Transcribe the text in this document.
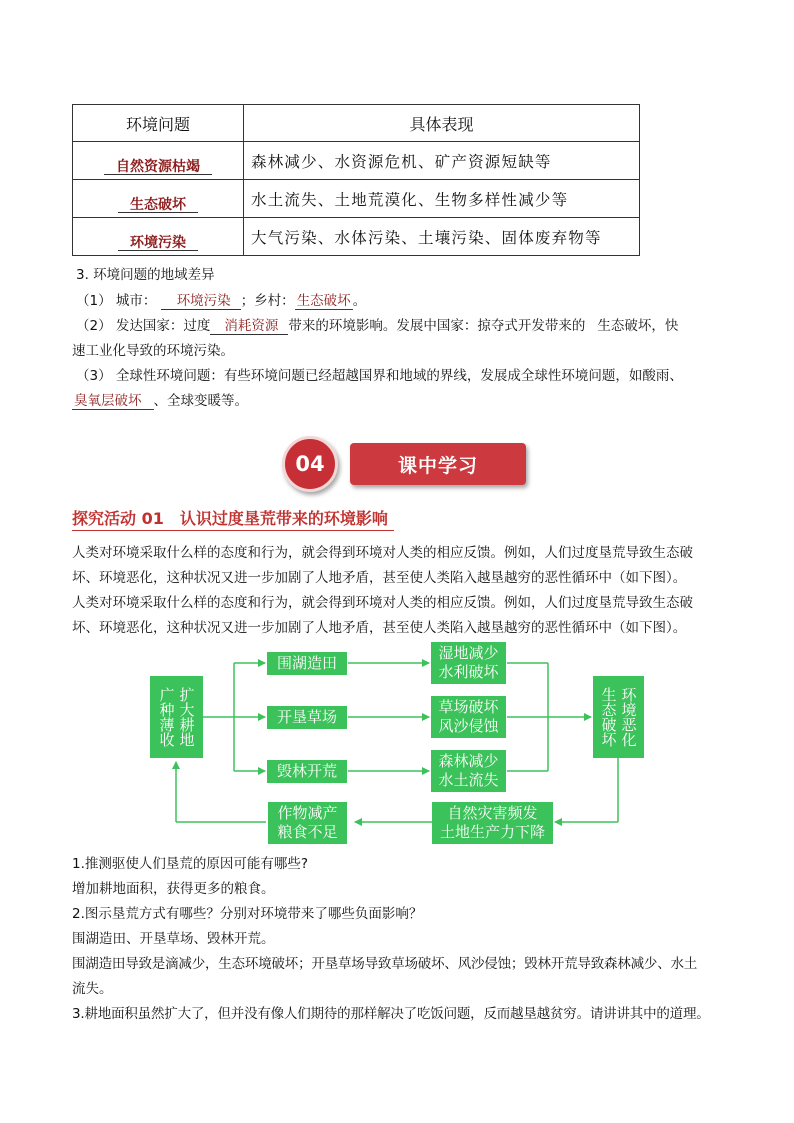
环境问题	具体表现
自然资源枯竭	森林减少、水资源危机、矿产资源短缺等
生态破坏	水土流失、土地荒漠化、生物多样性减少等
环境污染	大气污染、水体污染、土壤污染、固体废弃物等
3. 环境问题的地域差异
（1） 城市： 环境污染 ；乡村： 生态破坏 。
（2） 发达国家：过度 消耗资源 带来的环境影响。发展中国家：掠夺式开发带来的 生态破坏，快
速工业化导致的环境污染。
（3） 全球性环境问题：有些环境问题已经超越国界和地域的界线，发展成全球性环境问题，如酸雨、
臭氧层破坏 、全球变暖等。
04	课中学习
探究活动 01　认识过度垦荒带来的环境影响
人类对环境采取什么样的态度和行为，就会得到环境对人类的相应反馈。例如，人们过度垦荒导致生态破
坏、环境恶化，这种状况又进一步加剧了人地矛盾，甚至使人类陷入越垦越穷的恶性循环中（如下图）。
人类对环境采取什么样的态度和行为，就会得到环境对人类的相应反馈。例如，人们过度垦荒导致生态破
坏、环境恶化，这种状况又进一步加剧了人地矛盾，甚至使人类陷入越垦越穷的恶性循环中（如下图）。
广种薄收 扩大耕地
围湖造田
开垦草场
毁林开荒
湿地减少
水利破坏
草场破坏
风沙侵蚀
森林减少
水土流失
生态破坏 环境恶化
自然灾害频发
土地生产力下降
作物减产
粮食不足
1.推测驱使人们垦荒的原因可能有哪些?
增加耕地面积，获得更多的粮食。
2.图示垦荒方式有哪些？分别对环境带来了哪些负面影响？
围湖造田、开垦草场、毁林开荒。
围湖造田导致是滴减少，生态环境破坏；开垦草场导致草场破坏、风沙侵蚀；毁林开荒导致森林减少、水土
流失。
3.耕地面积虽然扩大了，但并没有像人们期待的那样解决了吃饭问题，反而越垦越贫穷。请讲讲其中的道理。
